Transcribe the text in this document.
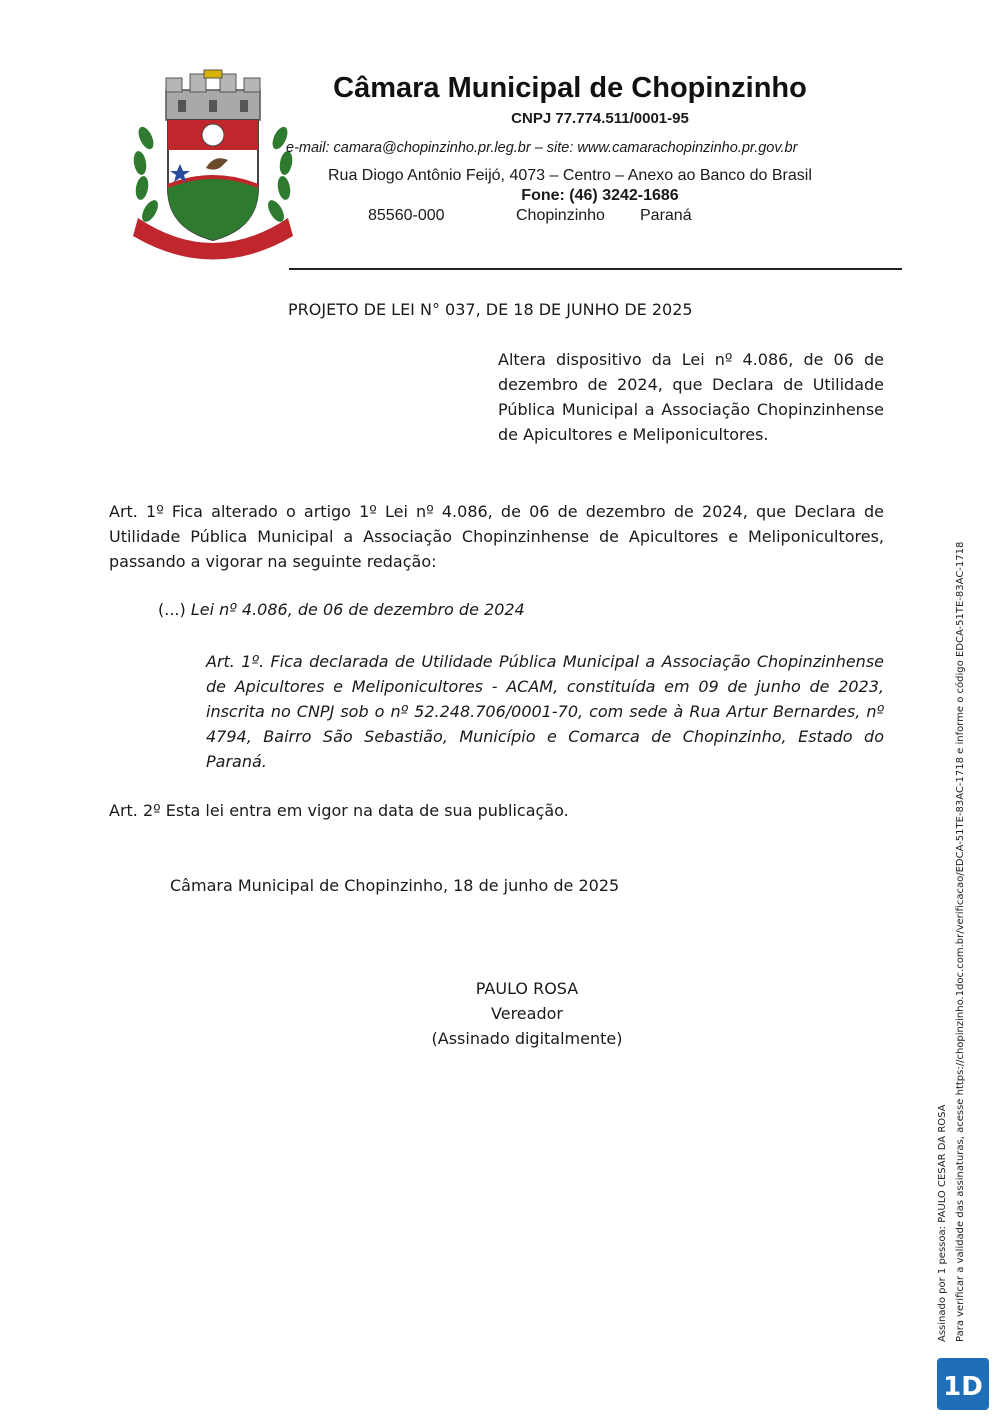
Câmara Municipal de Chopinzinho
CNPJ 77.774.511/0001-95
e-mail: camara@chopinzinho.pr.leg.br – site: www.camarachopinzinho.pr.gov.br
Rua Diogo Antônio Feijó, 4073 – Centro – Anexo ao Banco do Brasil
Fone: (46) 3242-1686
85560-000	Chopinzinho Paraná
PROJETO DE LEI N° 037, DE 18 DE JUNHO DE 2025
Altera dispositivo da Lei nº 4.086, de 06 de dezembro de 2024, que Declara de Utilidade Pública Municipal a Associação Chopinzinhense de Apicultores e Meliponicultores.
Art. 1º Fica alterado o artigo 1º Lei nº 4.086, de 06 de dezembro de 2024, que Declara de Utilidade Pública Municipal a Associação Chopinzinhense de Apicultores e Meliponicultores, passando a vigorar na seguinte redação:
(...) Lei nº 4.086, de 06 de dezembro de 2024
Art. 1º. Fica declarada de Utilidade Pública Municipal a Associação Chopinzinhense de Apicultores e Meliponicultores - ACAM, constituída em 09 de junho de 2023, inscrita no CNPJ sob o nº 52.248.706/0001-70, com sede à Rua Artur Bernardes, nº 4794, Bairro São Sebastião, Município e Comarca de Chopinzinho, Estado do Paraná.
Art. 2º Esta lei entra em vigor na data de sua publicação.
Câmara Municipal de Chopinzinho, 18 de junho de 2025
PAULO ROSA
Vereador
(Assinado digitalmente)
Assinado por 1 pessoa: PAULO CESAR DA ROSA Para verificar a validade das assinaturas, acesse https://chopinzinho.1doc.com.br/verificacao/EDCA-51TE-83AC-1718 e informe o código EDCA-51TE-83AC-1718
1D
